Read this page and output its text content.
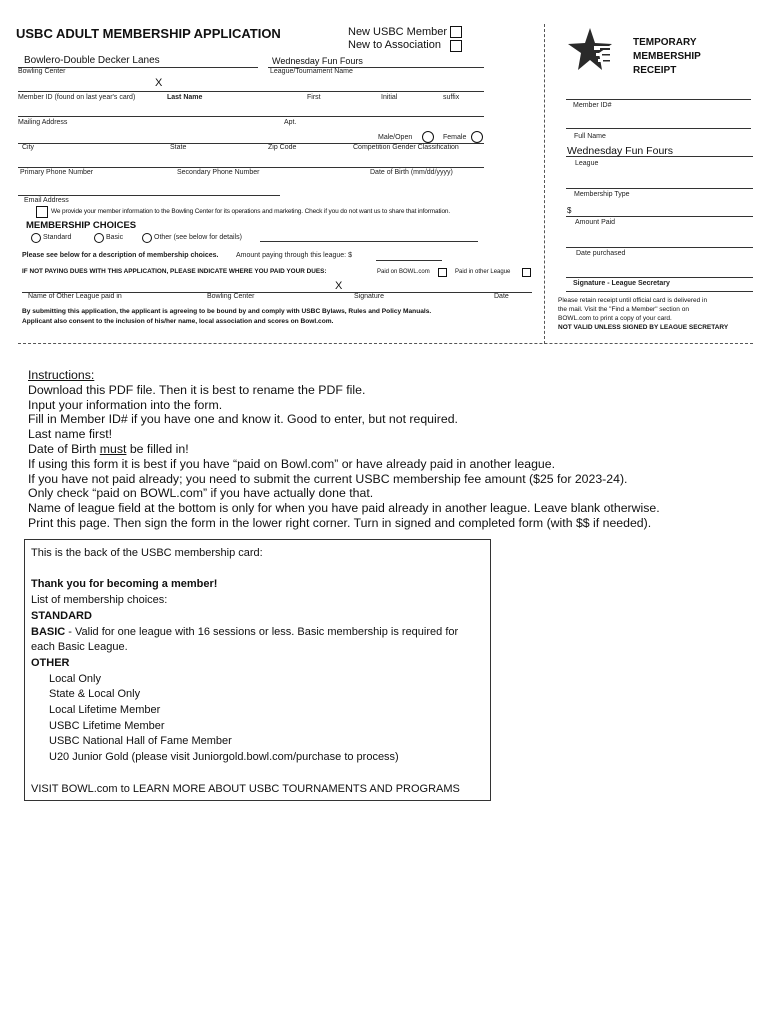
USBC ADULT MEMBERSHIP APPLICATION	New USBC Member
New to Association
Bowlero-Double Decker Lanes
Bowling Center
Wednesday Fun Fours
League/Tournament Name
X
Member ID (found on last year's card)	Last Name	First	Initial	suffix
Mailing Address	Apt.
Male/Open	Female
City	State	Zip Code	Competition Gender Classification
Primary Phone Number	Secondary Phone Number	Date of Birth (mm/dd/yyyy)
Email Address
We provide your member information to the Bowling Center for its operations and marketing. Check if you do not want us to share that information.
MEMBERSHIP CHOICES
Standard	Basic	Other (see below for details)
Please see below for a description of membership choices.	Amount paying through this league: $
IF NOT PAYING DUES WITH THIS APPLICATION, PLEASE INDICATE WHERE YOU PAID YOUR DUES:	Paid on BOWL.com	Paid in other League
X
Name of Other League paid in	Bowling Center	Signature	Date
By submitting this application, the applicant is agreeing to be bound by and comply with USBC Bylaws, Rules and Policy Manuals.
Applicant also consent to the inclusion of his/her name, local association and scores on Bowl.com.
TEMPORARY
MEMBERSHIP
RECEIPT
Member ID#
Full Name
Wednesday Fun Fours
League
Membership Type
$
Amount Paid
Date purchased
Signature - League Secretary
Please retain receipt until official card is delivered in
the mail. Visit the "Find a Member" section on
BOWL.com to print a copy of your card.
NOT VALID UNLESS SIGNED BY LEAGUE SECRETARY
Instructions:
Download this PDF file. Then it is best to rename the PDF file.
Input your information into the form.
Fill in Member ID# if you have one and know it. Good to enter, but not required.
Last name first!
Date of Birth must be filled in!
If using this form it is best if you have “paid on Bowl.com” or have already paid in another league.
If you have not paid already; you need to submit the current USBC membership fee amount ($25 for 2023-24).
Only check “paid on BOWL.com” if you have actually done that.
Name of league field at the bottom is only for when you have paid already in another league. Leave blank otherwise.
Print this page. Then sign the form in the lower right corner. Turn in signed and completed form (with $$ if needed).
This is the back of the USBC membership card:
Thank you for becoming a member!
List of membership choices:
STANDARD
BASIC - Valid for one league with 16 sessions or less. Basic membership is required for
each Basic League.
OTHER
Local Only
State & Local Only
Local Lifetime Member
USBC Lifetime Member
USBC National Hall of Fame Member
U20 Junior Gold (please visit Juniorgold.bowl.com/purchase to process)
VISIT BOWL.com to LEARN MORE ABOUT USBC TOURNAMENTS AND PROGRAMS
